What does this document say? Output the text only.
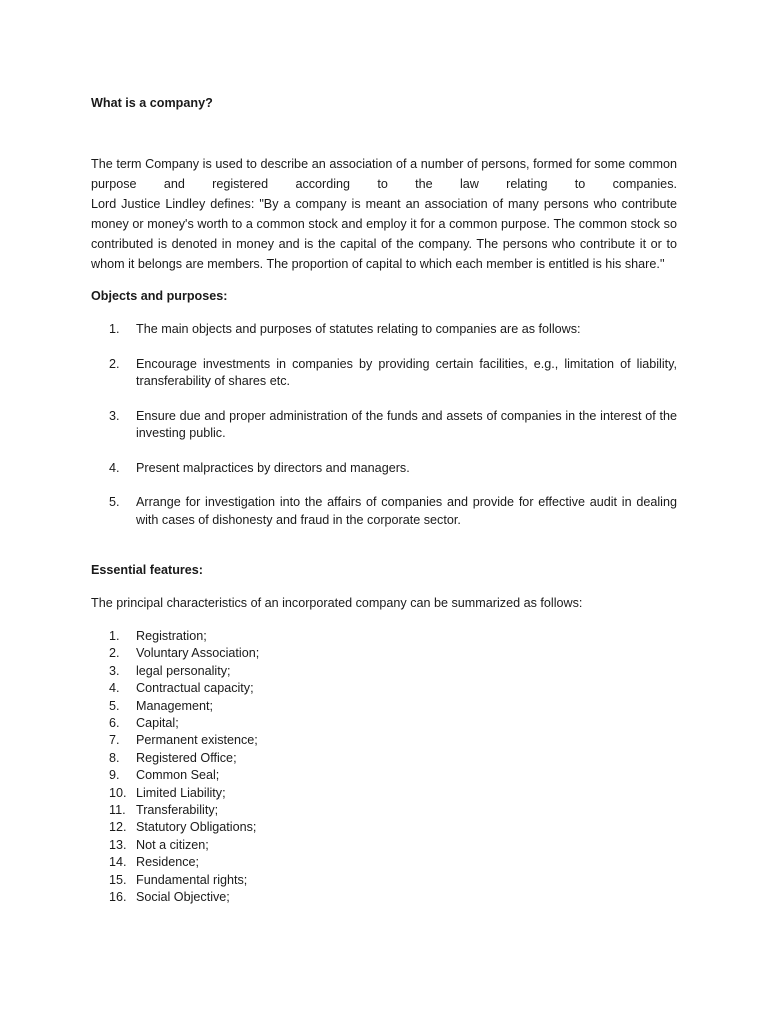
What is a company?

The term Company is used to describe an association of a number of persons, formed for some common

purpose and registered according to the law relating to companies.

Lord Justice Lindley defines: "By a company is meant an association of many persons who contribute money or money's worth to a common stock and employ it for a common purpose. The common stock so contributed is denoted in money and is the capital of the company. The persons who contribute it or to whom it belongs are members. The proportion of capital to which each member is entitled is his share.''

Objects and purposes:

1.	The main objects and purposes of statutes relating to companies are as follows:
2.	Encourage investments in companies by providing certain facilities, e.g., limitation of liability, transferability of shares etc.
3.	Ensure due and proper administration of the funds and assets of companies in the interest of the investing public.
4.	Present malpractices by directors and managers.
5.	Arrange for investigation into the affairs of companies and provide for effective audit in dealing with cases of dishonesty and fraud in the corporate sector.

Essential features:

The principal characteristics of an incorporated company can be summarized as follows:

1.	Registration;
2.	Voluntary Association;
3.	legal personality;
4.	Contractual capacity;
5.	Management;
6.	Capital;
7.	Permanent existence;
8.	Registered Office;
9.	Common Seal;
10. Limited Liability;
11. Transferability;
12. Statutory Obligations;
13. Not a citizen;
14. Residence;
15. Fundamental rights;
16. Social Objective;
